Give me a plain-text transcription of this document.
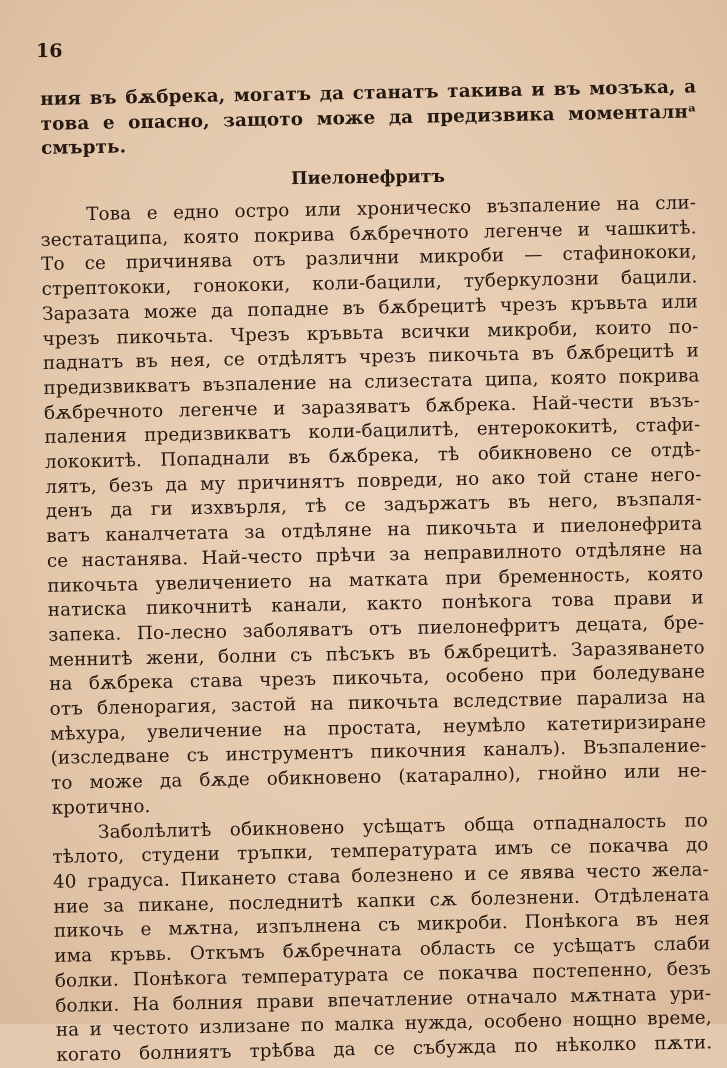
16
ния въ бѫбрека, могатъ да станатъ такива и въ мозъка, а
това е опасно, защото може да предизвика моменталнᵃ
смърть.
Пиелонефритъ
Това е едно остро или хроническо възпаление на сли-
зестатаципа, която покрива бѫбречното легенче и чашкитѣ.
То се причинява отъ различни микроби — стафинококи,
стрептококи, гонококи, коли-бацили, туберкулозни бацили.
Заразата може да попадне въ бѫбрецитѣ чрезъ кръвьта или
чрезъ пикочьта. Чрезъ кръвьта всички микроби, които по-
паднатъ въ нея, се отдѣлятъ чрезъ пикочьта въ бѫбрецитѣ и
предизвикватъ възпаление на слизестата ципа, която покрива
бѫбречното легенче и заразяватъ бѫбрека. Най-чести възъ-
паления предизвикватъ коли-бацилитѣ, ентерококитѣ, стафи-
лококитѣ. Попаднали въ бѫбрека, тѣ обикновено се отдѣ-
лятъ, безъ да му причинятъ повреди, но ако той стане него-
денъ да ги изхвърля, тѣ се задържатъ въ него, възпаля-
ватъ каналчетата за отдѣляне на пикочьта и пиелонефрита
се настанява. Най-често прѣчи за неправилното отдѣляне на
пикочьта увеличението на матката при бременность, която
натиска пикочнитѣ канали, както понѣкога това прави и
запека. По-лесно заболяватъ отъ пиелонефритъ децата, бре-
меннитѣ жени, болни съ пѣсъкъ въ бѫбрецитѣ. Заразяването
на бѫбрека става чрезъ пикочьта, особено при боледуване
отъ бленорагия, застой на пикочьта вследствие парализа на
мѣхура, увеличение на простата, неумѣло катетиризиране
(изследване съ инструментъ пикочния каналъ). Възпаление-
то може да бѫде обикновено (катарално), гнойно или не-
кротично.
Заболѣлитѣ обикновено усѣщатъ обща отпадналость по
тѣлото, студени тръпки, температурата имъ се покачва до
40 градуса. Пикането става болезнено и се явява често жела-
ние за пикане, последнитѣ капки сѫ болезнени. Отдѣлената
пикочь е мѫтна, изпълнена съ микроби. Понѣкога въ нея
има кръвь. Откъмъ бѫбречната область се усѣщатъ слаби
болки. Понѣкога температурата се покачва постепенно, безъ
болки. На болния прави впечатление отначало мѫтната ури-
на и честото излизане по малка нужда, особено нощно време,
когато болниятъ трѣбва да се събужда по нѣколко пѫти.
